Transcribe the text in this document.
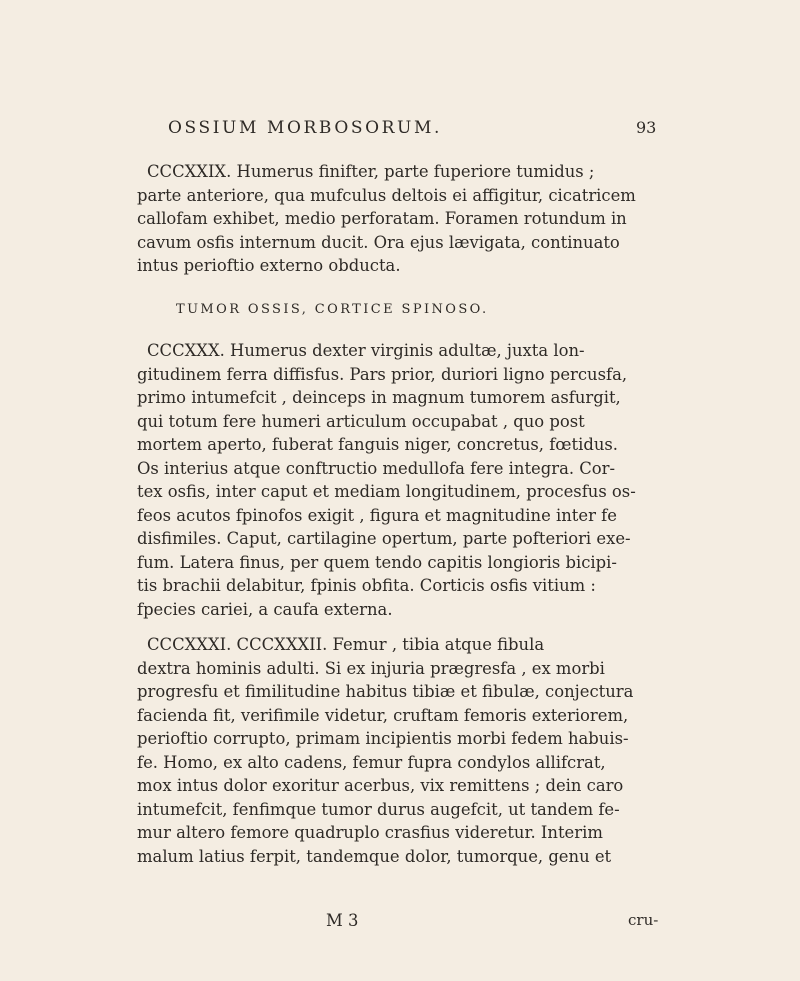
OSSIUM MORBOSORUM.	93
CCCXXIX. Humerus finifter, parte fuperiore tumidus ;
parte anteriore, qua mufculus deltois ei affigitur, cicatricem
callofam exhibet, medio perforatam. Foramen rotundum in
cavum osfis internum ducit. Ora ejus lævigata, continuato
intus perioftio externo obducta.
TUMOR OSSIS, CORTICE SPINOSO.
CCCXXX. Humerus dexter virginis adultæ, juxta lon-
gitudinem ferra diffisfus. Pars prior, duriori ligno percusfa,
primo intumefcit , deinceps in magnum tumorem asfurgit,
qui totum fere humeri articulum occupabat , quo post
mortem aperto, fuberat fanguis niger, concretus, fœtidus.
Os interius atque conftructio medullofa fere integra. Cor-
tex osfis, inter caput et mediam longitudinem, procesfus os-
feos acutos fpinofos exigit , figura et magnitudine inter fe
disfimiles. Caput, cartilagine opertum, parte pofteriori exe-
fum. Latera finus, per quem tendo capitis longioris bicipi-
tis brachii delabitur, fpinis obfita. Corticis osfis vitium :
fpecies cariei, a caufa externa.
CCCXXXI. CCCXXXII. Femur , tibia atque fibula
dextra hominis adulti. Si ex injuria prægresfa , ex morbi
progresfu et fimilitudine habitus tibiæ et fibulæ, conjectura
facienda fit, verifimile videtur, cruftam femoris exteriorem,
perioftio corrupto, primam incipientis morbi fedem habuis-
fe. Homo, ex alto cadens, femur fupra condylos allifcrat,
mox intus dolor exoritur acerbus, vix remittens ; dein caro
intumefcit, fenfimque tumor durus augefcit, ut tandem fe-
mur altero femore quadruplo crasfius videretur. Interim
malum latius ferpit, tandemque dolor, tumorque, genu et
M 3	cru-
